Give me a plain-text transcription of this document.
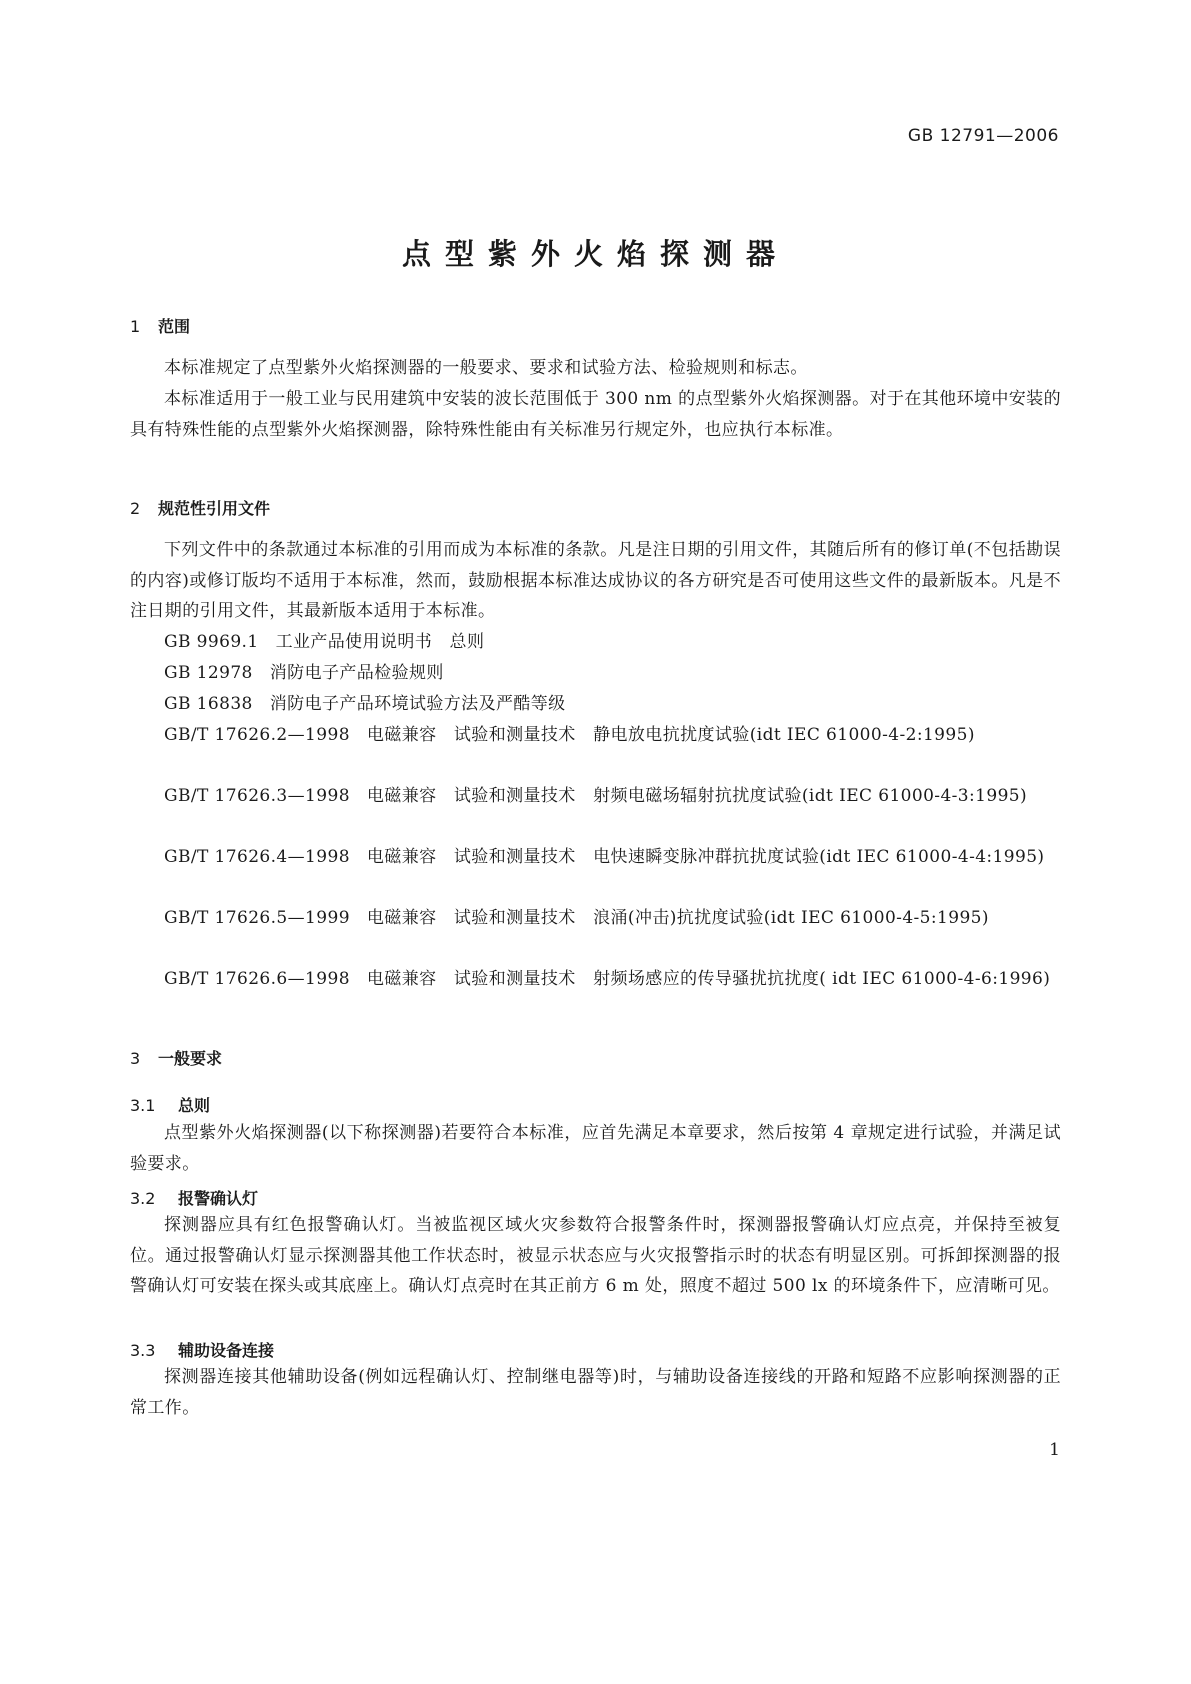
GB 12791—2006
点型紫外火焰探测器
1 范围
本标准规定了点型紫外火焰探测器的一般要求、要求和试验方法、检验规则和标志。
本标准适用于一般工业与民用建筑中安装的波长范围低于 300 nm 的点型紫外火焰探测器。对于在其他环境中安装的具有特殊性能的点型紫外火焰探测器，除特殊性能由有关标准另行规定外，也应执行本标准。
2 规范性引用文件
下列文件中的条款通过本标准的引用而成为本标准的条款。凡是注日期的引用文件，其随后所有的修订单(不包括勘误的内容)或修订版均不适用于本标准，然而，鼓励根据本标准达成协议的各方研究是否可使用这些文件的最新版本。凡是不注日期的引用文件，其最新版本适用于本标准。
GB 9969.1 工业产品使用说明书　总则
GB 12978 消防电子产品检验规则
GB 16838 消防电子产品环境试验方法及严酷等级
GB/T 17626.2—1998 电磁兼容　试验和测量技术　静电放电抗扰度试验(idt IEC 61000-4-2:1995)
GB/T 17626.3—1998 电磁兼容　试验和测量技术　射频电磁场辐射抗扰度试验(idt IEC 61000-4-3:1995)
GB/T 17626.4—1998 电磁兼容　试验和测量技术　电快速瞬变脉冲群抗扰度试验(idt IEC 61000-4-4:1995)
GB/T 17626.5—1999 电磁兼容　试验和测量技术　浪涌(冲击)抗扰度试验(idt IEC 61000-4-5:1995)
GB/T 17626.6—1998 电磁兼容　试验和测量技术　射频场感应的传导骚扰抗扰度( idt IEC 61000-4-6:1996)
3 一般要求
3.1 总则
点型紫外火焰探测器(以下称探测器)若要符合本标准，应首先满足本章要求，然后按第 4 章规定进行试验，并满足试验要求。
3.2 报警确认灯
探测器应具有红色报警确认灯。当被监视区域火灾参数符合报警条件时，探测器报警确认灯应点亮，并保持至被复位。通过报警确认灯显示探测器其他工作状态时，被显示状态应与火灾报警指示时的状态有明显区别。可拆卸探测器的报警确认灯可安装在探头或其底座上。确认灯点亮时在其正前方 6 m 处，照度不超过 500 lx 的环境条件下，应清晰可见。
3.3 辅助设备连接
探测器连接其他辅助设备(例如远程确认灯、控制继电器等)时，与辅助设备连接线的开路和短路不应影响探测器的正常工作。
1
